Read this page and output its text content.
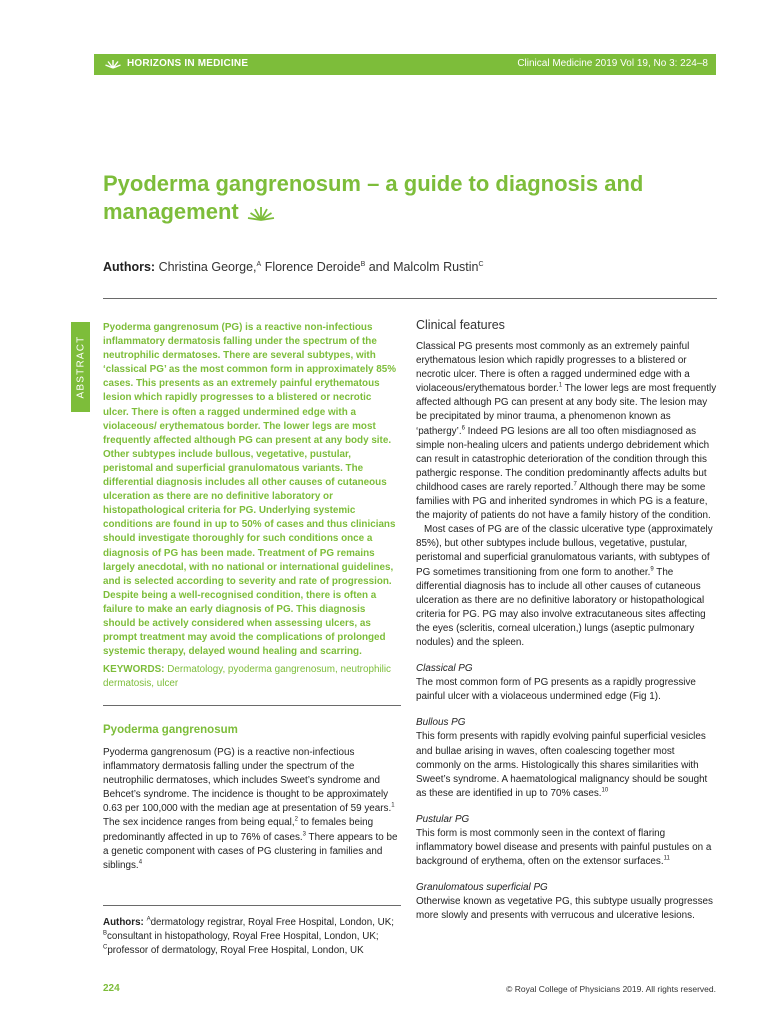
HORIZONS IN MEDICINE	Clinical Medicine 2019 Vol 19, No 3: 224–8
Pyoderma gangrenosum – a guide to diagnosis and management
Authors: Christina George,$^A$ Florence Deroide$^B$ and Malcolm Rustin$^C$
ABSTRACT

Pyoderma gangrenosum (PG) is a reactive non-infectious inflammatory dermatosis falling under the spectrum of the neutrophilic dermatoses. There are several subtypes, with ‘classical PG’ as the most common form in approximately 85% cases. This presents as an extremely painful erythematous lesion which rapidly progresses to a blistered or necrotic ulcer. There is often a ragged undermined edge with a violaceous/ erythematous border. The lower legs are most frequently affected although PG can present at any body site. Other subtypes include bullous, vegetative, pustular, peristomal and superficial granulomatous variants. The differential diagnosis includes all other causes of cutaneous ulceration as there are no definitive laboratory or histopathological criteria for PG. Underlying systemic conditions are found in up to 50% of cases and thus clinicians should investigate thoroughly for such conditions once a diagnosis of PG has been made. Treatment of PG remains largely anecdotal, with no national or international guidelines, and is selected according to severity and rate of progression. Despite being a well-recognised condition, there is often a failure to make an early diagnosis of PG. This diagnosis should be actively considered when assessing ulcers, as prompt treatment may avoid the complications of prolonged systemic therapy, delayed wound healing and scarring.

KEYWORDS: Dermatology, pyoderma gangrenosum, neutrophilic dermatosis, ulcer

Pyoderma gangrenosum

Pyoderma gangrenosum (PG) is a reactive non-infectious inflammatory dermatosis falling under the spectrum of the neutrophilic dermatoses, which includes Sweet’s syndrome and Behcet’s syndrome. The incidence is thought to be approximately 0.63 per 100,000 with the median age at presentation of 59 years.$^1$ The sex incidence ranges from being equal,$^2$ to females being predominantly affected in up to 76% of cases.$^3$ There appears to be a genetic component with cases of PG clustering in families and siblings.$^4$

Authors: $^A$dermatology registrar, Royal Free Hospital, London, UK;
$^B$consultant in histopathology, Royal Free Hospital, London, UK;
$^C$professor of dermatology, Royal Free Hospital, London, UK

Clinical features

Classical PG presents most commonly as an extremely painful erythematous lesion which rapidly progresses to a blistered or necrotic ulcer. There is often a ragged undermined edge with a violaceous/erythematous border.$^1$ The lower legs are most frequently affected although PG can present at any body site. The lesion may be precipitated by minor trauma, a phenomenon known as ‘pathergy’.$^6$ Indeed PG lesions are all too often misdiagnosed as simple non-healing ulcers and patients undergo debridement which can result in catastrophic deterioration of the condition through this pathergic response. The condition predominantly affects adults but childhood cases are rarely reported.$^7$ Although there may be some families with PG and inherited syndromes in which PG is a feature, the majority of patients do not have a family history of the condition.

Most cases of PG are of the classic ulcerative type (approximately 85%), but other subtypes include bullous, vegetative, pustular, peristomal and superficial granulomatous variants, with subtypes of PG sometimes transitioning from one form to another.$^9$ The differential diagnosis has to include all other causes of cutaneous ulceration as there are no definitive laboratory or histopathological criteria for PG. PG may also involve extracutaneous sites affecting the eyes (scleritis, corneal ulceration,) lungs (aseptic pulmonary nodules) and the spleen.

Classical PG

The most common form of PG presents as a rapidly progressive painful ulcer with a violaceous undermined edge (Fig 1).

Bullous PG

This form presents with rapidly evolving painful superficial vesicles and bullae arising in waves, often coalescing together most commonly on the arms. Histologically this shares similarities with Sweet’s syndrome. A haematological malignancy should be sought as these are identified in up to 70% cases.$^{10}$

Pustular PG

This form is most commonly seen in the context of flaring inflammatory bowel disease and presents with painful pustules on a background of erythema, often on the extensor surfaces.$^{11}$

Granulomatous superficial PG

Otherwise known as vegetative PG, this subtype usually progresses more slowly and presents with verrucous and ulcerative lesions.

224	© Royal College of Physicians 2019. All rights reserved.
